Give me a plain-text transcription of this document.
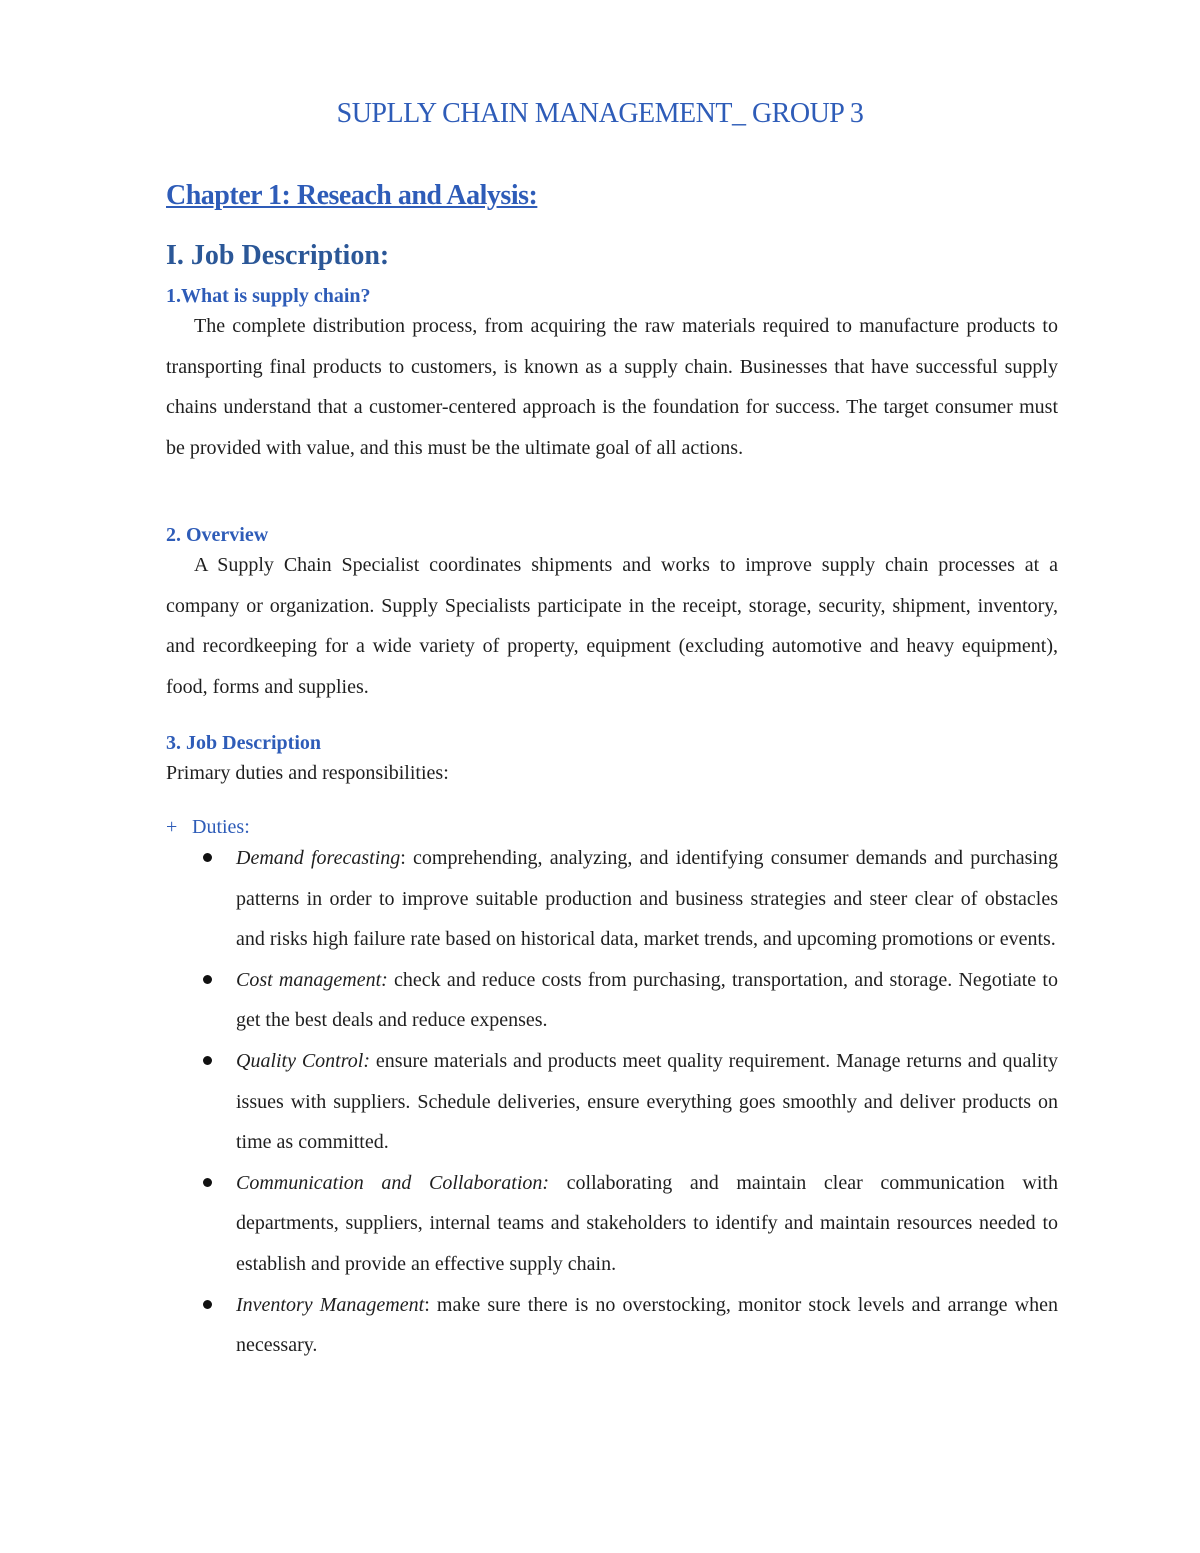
SUPLLY CHAIN MANAGEMENT_ GROUP 3
Chapter 1: Reseach and Aalysis:
I. Job Description:
1.What is supply chain?

The complete distribution process, from acquiring the raw materials required to manufacture products to transporting final products to customers, is known as a supply chain. Businesses that have successful supply chains understand that a customer-centered approach is the foundation for success. The target consumer must be provided with value, and this must be the ultimate goal of all actions.

2. Overview

A Supply Chain Specialist coordinates shipments and works to improve supply chain processes at a company or organization. Supply Specialists participate in the receipt, storage, security, shipment, inventory, and recordkeeping for a wide variety of property, equipment (excluding automotive and heavy equipment), food, forms and supplies.

3. Job Description

Primary duties and responsibilities:

+ Duties:

Demand forecasting: comprehending, analyzing, and identifying consumer demands and purchasing patterns in order to improve suitable production and business strategies and steer clear of obstacles and risks high failure rate based on historical data, market trends, and upcoming promotions or events.
Cost management: check and reduce costs from purchasing, transportation, and storage. Negotiate to get the best deals and reduce expenses.
Quality Control: ensure materials and products meet quality requirement. Manage returns and quality issues with suppliers. Schedule deliveries, ensure everything goes smoothly and deliver products on time as committed.
Communication and Collaboration: collaborating and maintain clear communication with departments, suppliers, internal teams and stakeholders to identify and maintain resources needed to establish and provide an effective supply chain.
Inventory Management: make sure there is no overstocking, monitor stock levels and arrange when necessary.
